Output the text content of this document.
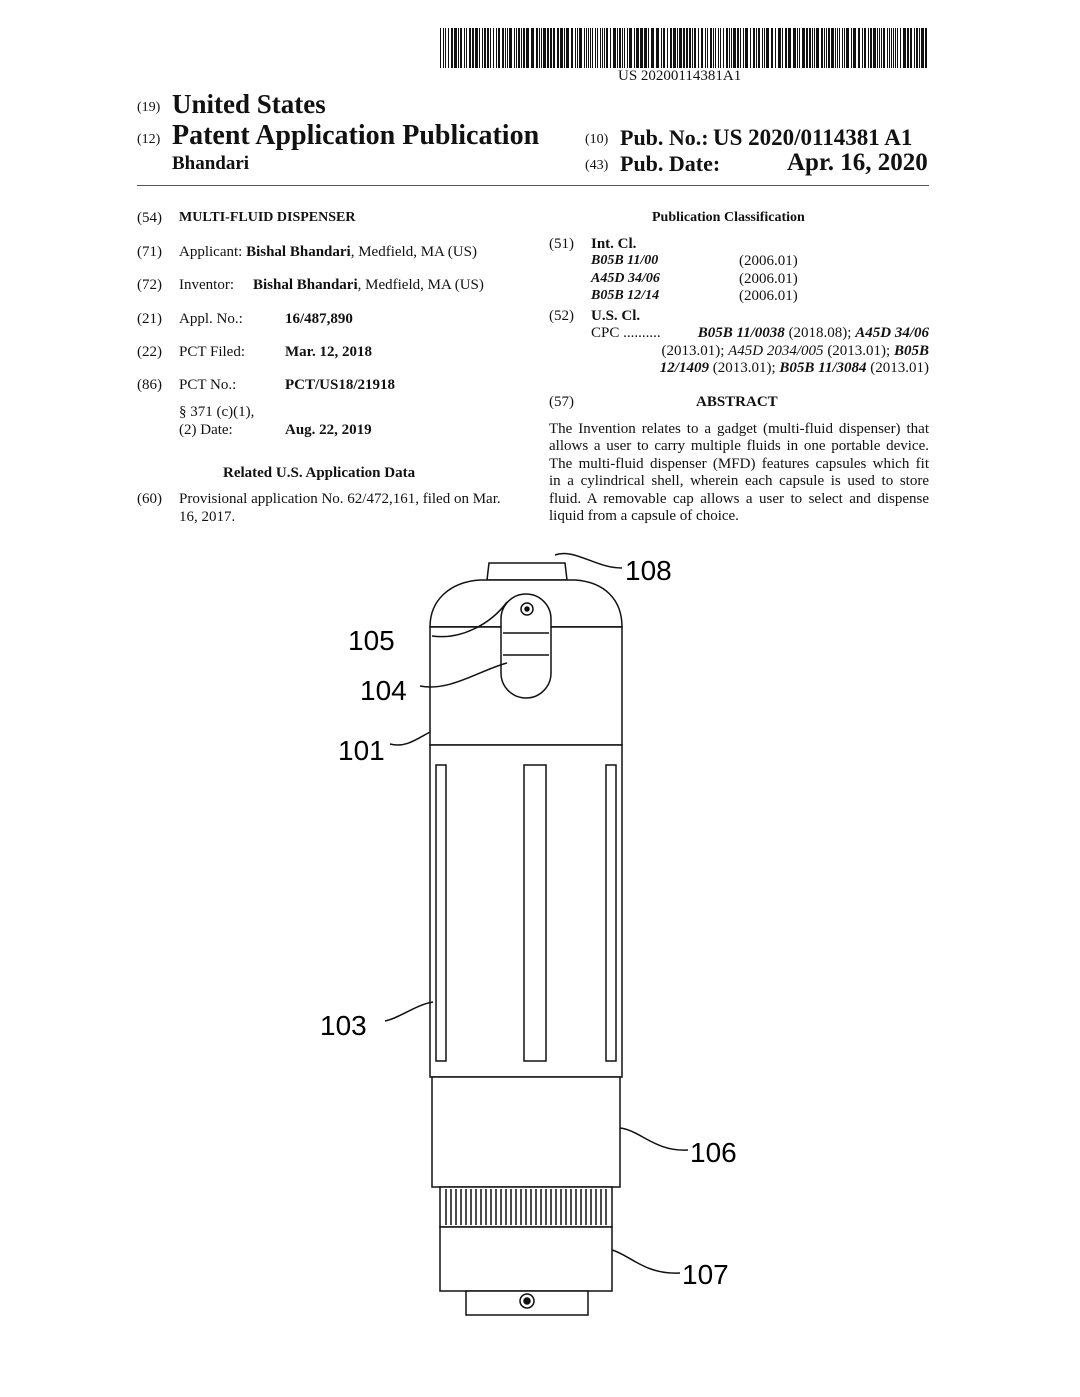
US 20200114381A1
(19) United States
(12) Patent Application Publication
Bhandari
(10) Pub. No.: US 2020/0114381 A1
(43) Pub. Date:	Apr. 16, 2020
(54) MULTI-FLUID DISPENSER
(71) Applicant: Bishal Bhandari, Medfield, MA (US)
(72) Inventor: Bishal Bhandari, Medfield, MA (US)
(21) Appl. No.:	16/487,890
(22) PCT Filed:	Mar. 12, 2018
(86) PCT No.:	PCT/US18/21918
§ 371 (c)(1),
(2) Date:	Aug. 22, 2019
Related U.S. Application Data
(60) Provisional application No. 62/472,161, filed on Mar.
16, 2017.
Publication Classification
(51) Int. Cl.
B05B 11/00	(2006.01)
A45D 34/06	(2006.01)
B05B 12/14	(2006.01)
(52) U.S. Cl.
CPC .......... B05B 11/0038 (2018.08); A45D 34/06
(2013.01); A45D 2034/005 (2013.01); B05B
12/1409 (2013.01); B05B 11/3084 (2013.01)
(57)	ABSTRACT
The Invention relates to a gadget (multi-fluid dispenser) that
allows a user to carry multiple fluids in one portable device.
The multi-fluid dispenser (MFD) features capsules which fit
in a cylindrical shell, wherein each capsule is used to store
fluid. A removable cap allows a user to select and dispense
liquid from a capsule of choice.
108
105
104
101
103
106
107
